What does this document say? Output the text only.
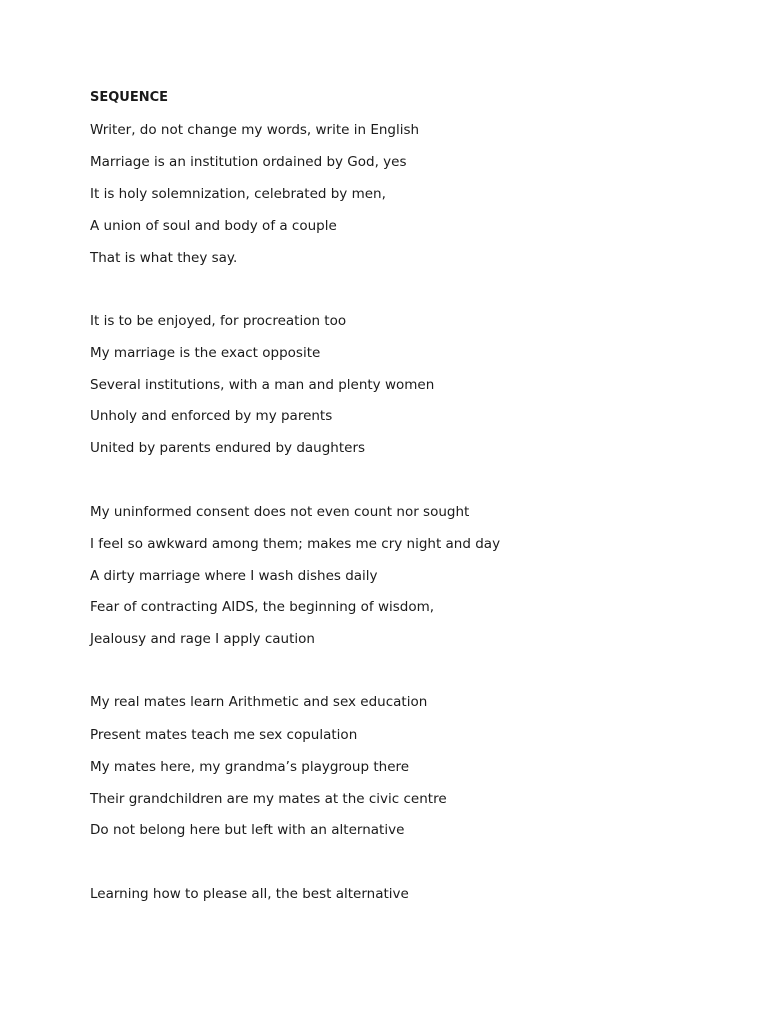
SEQUENCE
Writer, do not change my words, write in English
Marriage is an institution ordained by God, yes
It is holy solemnization, celebrated by men,
A union of soul and body of a couple
That is what they say.
It is to be enjoyed, for procreation too
My marriage is the exact opposite
Several institutions, with a man and plenty women
Unholy and enforced by my parents
United by parents endured by daughters
My uninformed consent does not even count nor sought
I feel so awkward among them; makes me cry night and day
A dirty marriage where I wash dishes daily
Fear of contracting AIDS, the beginning of wisdom,
Jealousy and rage I apply caution
My real mates learn Arithmetic and sex education
Present mates teach me sex copulation
My mates here, my grandma’s playgroup there
Their grandchildren are my mates at the civic centre
Do not belong here but left with an alternative
Learning how to please all, the best alternative
